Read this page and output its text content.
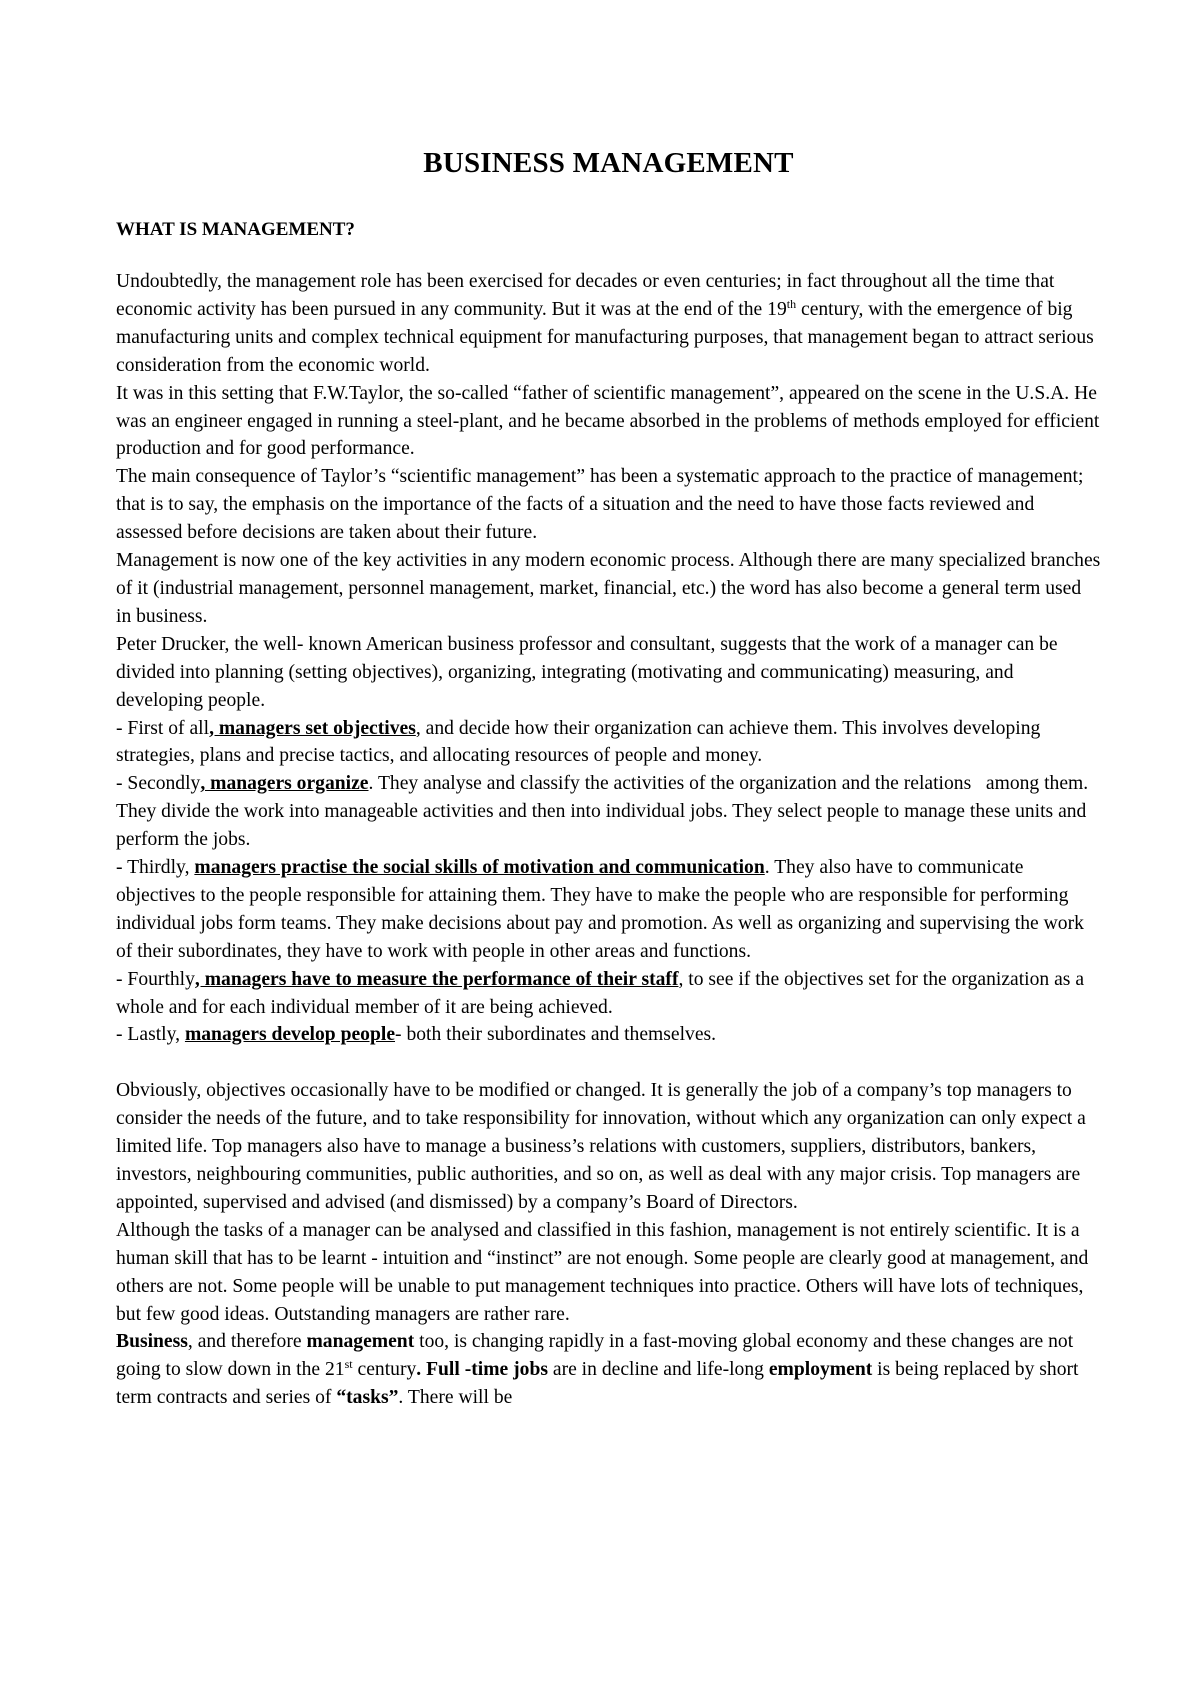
BUSINESS MANAGEMENT
WHAT IS MANAGEMENT?

Undoubtedly, the management role has been exercised for decades or even centuries; in fact throughout all the time that economic activity has been pursued in any community. But it was at the end of the 19th century, with the emergence of big manufacturing units and complex technical equipment for manufacturing purposes, that management began to attract serious consideration from the economic world.

It was in this setting that F.W.Taylor, the so-called “father of scientific management”, appeared on the scene in the U.S.A. He was an engineer engaged in running a steel-plant, and he became absorbed in the problems of methods employed for efficient production and for good performance.

The main consequence of Taylor’s “scientific management” has been a systematic approach to the practice of management; that is to say, the emphasis on the importance of the facts of a situation and the need to have those facts reviewed and assessed before decisions are taken about their future.

Management is now one of the key activities in any modern economic process. Although there are many specialized branches of it (industrial management, personnel management, market, financial, etc.) the word has also become a general term used in business.

Peter Drucker, the well- known American business professor and consultant, suggests that the work of a manager can be divided into planning (setting objectives), organizing, integrating (motivating and communicating) measuring, and developing people.

- First of all, managers set objectives, and decide how their organization can achieve them. This involves developing strategies, plans and precise tactics, and allocating resources of people and money.

- Secondly, managers organize. They analyse and classify the activities of the organization and the relations   among them. They divide the work into manageable activities and then into individual jobs. They select people to manage these units and perform the jobs.

- Thirdly, managers practise the social skills of motivation and communication. They also have to communicate objectives to the people responsible for attaining them. They have to make the people who are responsible for performing individual jobs form teams. They make decisions about pay and promotion. As well as organizing and supervising the work of their subordinates, they have to work with people in other areas and functions.

- Fourthly, managers have to measure the performance of their staff, to see if the objectives set for the organization as a whole and for each individual member of it are being achieved.

- Lastly, managers develop people- both their subordinates and themselves.

Obviously, objectives occasionally have to be modified or changed. It is generally the job of a company’s top managers to consider the needs of the future, and to take responsibility for innovation, without which any organization can only expect a limited life. Top managers also have to manage a business’s relations with customers, suppliers, distributors, bankers, investors, neighbouring communities, public authorities, and so on, as well as deal with any major crisis. Top managers are appointed, supervised and advised (and dismissed) by a company’s Board of Directors.

Although the tasks of a manager can be analysed and classified in this fashion, management is not entirely scientific. It is a human skill that has to be learnt - intuition and “instinct” are not enough. Some people are clearly good at management, and others are not. Some people will be unable to put management techniques into practice. Others will have lots of techniques, but few good ideas. Outstanding managers are rather rare.

Business, and therefore management too, is changing rapidly in a fast-moving global economy and these changes are not going to slow down in the 21st century. Full -time jobs are in decline and life-long employment is being replaced by short term contracts and series of “tasks”. There will be
